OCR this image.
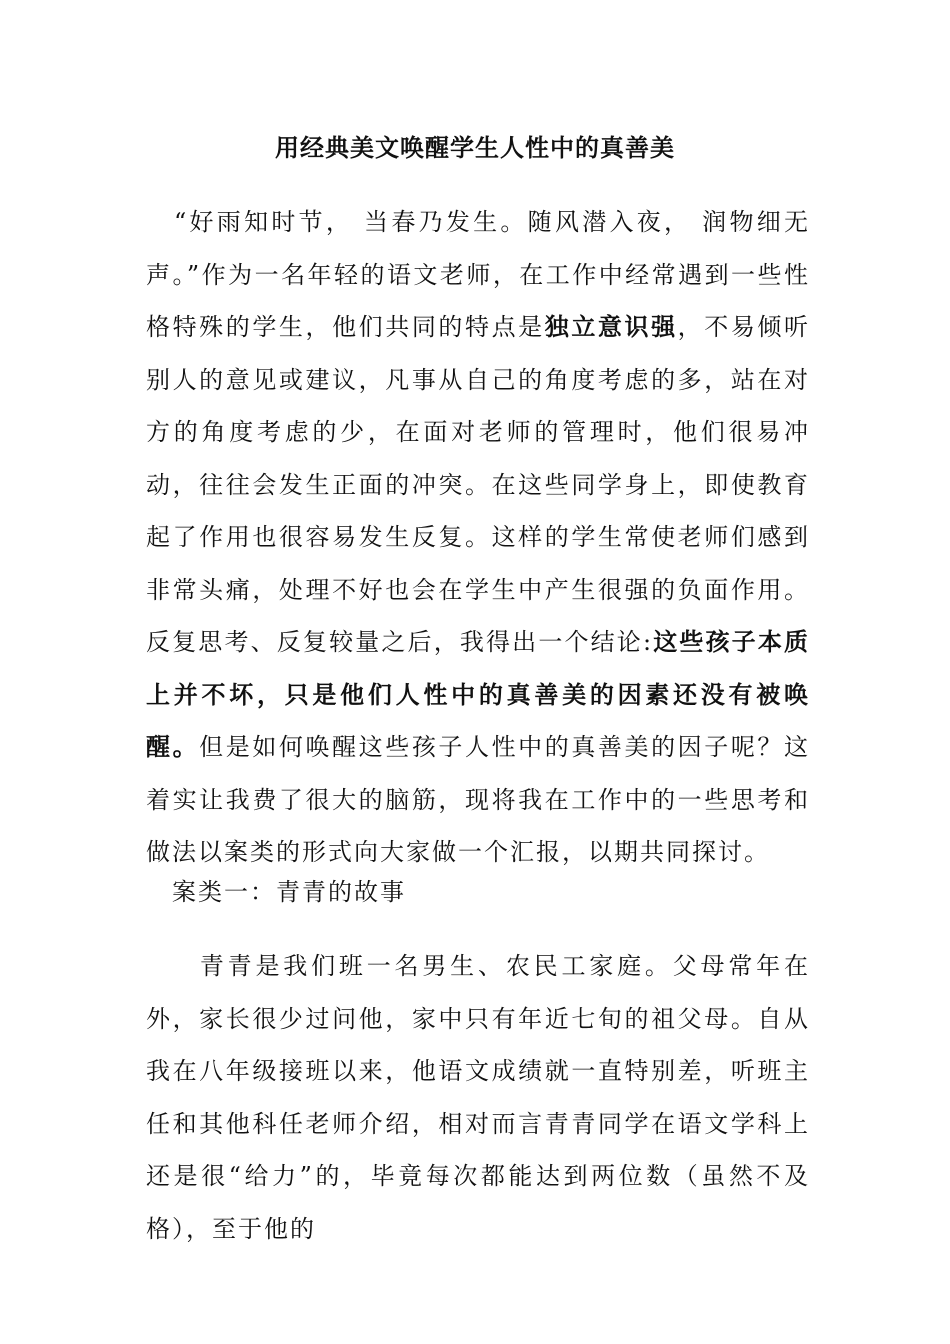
用经典美文唤醒学生人性中的真善美

“好雨知时节， 当春乃发生。随风潜入夜， 润物细无声。”作为一名年轻的语文老师，在工作中经常遇到一些性格特殊的学生，他们共同的特点是独立意识强，不易倾听别人的意见或建议，凡事从自己的角度考虑的多，站在对方的角度考虑的少，在面对老师的管理时，他们很易冲动，往往会发生正面的冲突。在这些同学身上，即使教育起了作用也很容易发生反复。这样的学生常使老师们感到非常头痛，处理不好也会在学生中产生很强的负面作用。反复思考、反复较量之后，我得出一个结论:这些孩子本质上并不坏，只是他们人性中的真善美的因素还没有被唤醒。但是如何唤醒这些孩子人性中的真善美的因子呢？这着实让我费了很大的脑筋，现将我在工作中的一些思考和做法以案类的形式向大家做一个汇报，以期共同探讨。

案类一：青青的故事

青青是我们班一名男生、农民工家庭。父母常年在外，家长很少过问他，家中只有年近七旬的祖父母。自从我在八年级接班以来，他语文成绩就一直特别差，听班主任和其他科任老师介绍，相对而言青青同学在语文学科上还是很“给力”的，毕竟每次都能达到两位数（虽然不及格），至于他的
